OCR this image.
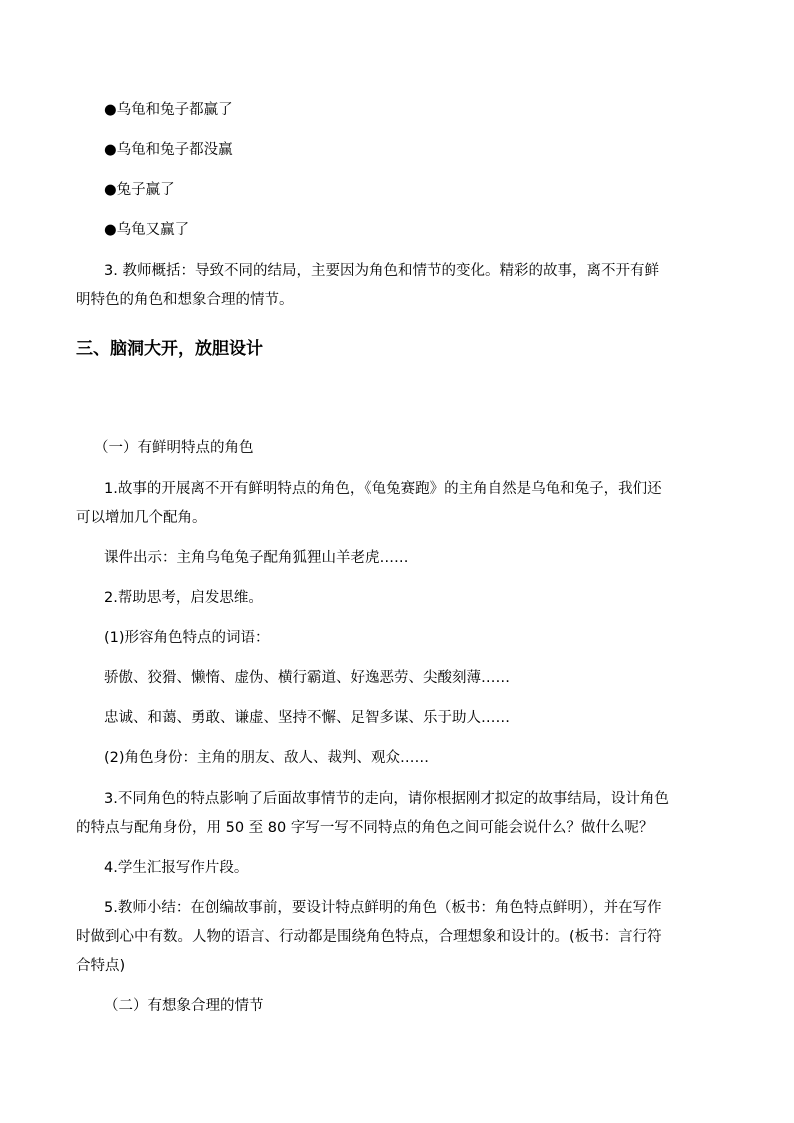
●乌龟和兔子都赢了

●乌龟和兔子都没赢

●兔子赢了

●乌龟又赢了

3. 教师概括：导致不同的结局，主要因为角色和情节的变化。精彩的故事，离不开有鲜

明特色的角色和想象合理的情节。

三、脑洞大开，放胆设计

（一）有鲜明特点的角色

1.故事的开展离不开有鲜明特点的角色，《龟兔赛跑》的主角自然是乌龟和兔子，我们还

可以增加几个配角。

课件出示：主角乌龟兔子配角狐狸山羊老虎……

2.帮助思考，启发思维。

(1)形容角色特点的词语：

骄傲、狡猾、懒惰、虚伪、横行霸道、好逸恶劳、尖酸刻薄……

忠诚、和蔼、勇敢、谦虚、坚持不懈、足智多谋、乐于助人……

(2)角色身份：主角的朋友、敌人、裁判、观众……

3.不同角色的特点影响了后面故事情节的走向，请你根据刚才拟定的故事结局，设计角色

的特点与配角身份，用 50 至 80 字写一写不同特点的角色之间可能会说什么？做什么呢？

4.学生汇报写作片段。

5.教师小结：在创编故事前，要设计特点鲜明的角色（板书：角色特点鲜明），并在写作

时做到心中有数。人物的语言、行动都是围绕角色特点，合理想象和设计的。(板书：言行符

合特点)

（二）有想象合理的情节
